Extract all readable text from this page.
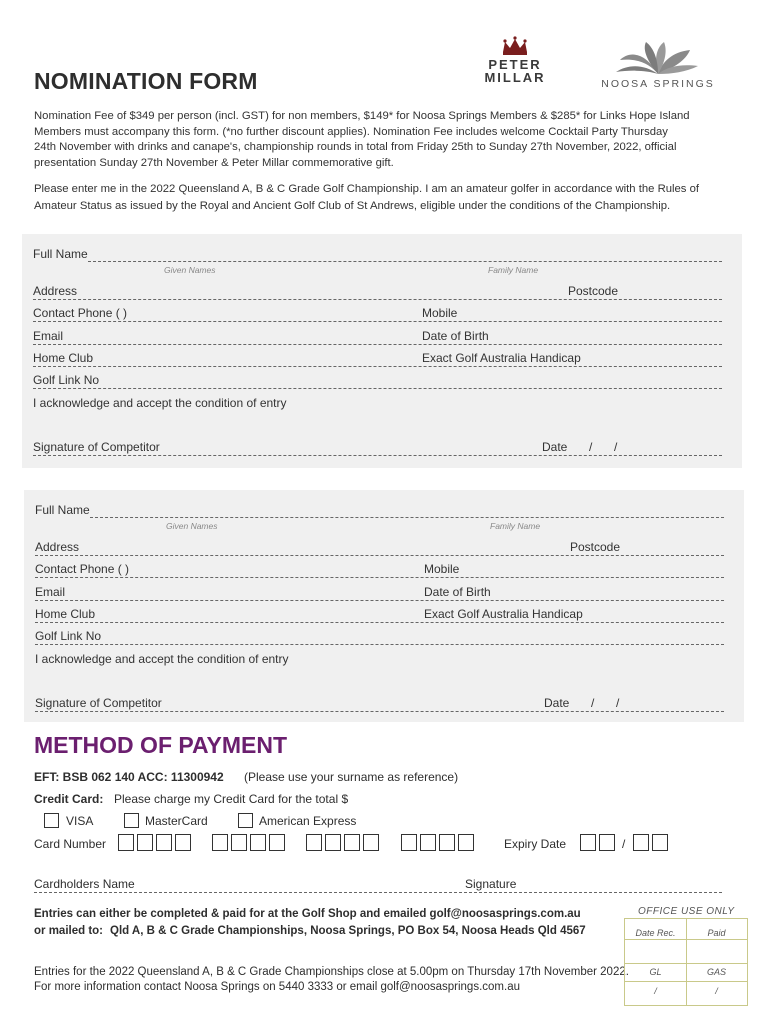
NOMINATION FORM
PETER
MILLAR	NOOSA SPRINGS
Nomination Fee of $349 per person (incl. GST) for non members, $149* for Noosa Springs Members & $285* for Links Hope Island
Members must accompany this form. (*no further discount applies). Nomination Fee includes welcome Cocktail Party Thursday
24th November with drinks and canape's, championship rounds in total from Friday 25th to Sunday 27th November, 2022, official
presentation Sunday 27th November & Peter Millar commemorative gift.
Please enter me in the 2022 Queensland A, B & C Grade Golf Championship. I am an amateur golfer in accordance with the Rules of
Amateur Status as issued by the Royal and Ancient Golf Club of St Andrews, eligible under the conditions of the Championship.
Full Name
Given Names	Family Name
Address	Postcode
Contact Phone ( )	Mobile
Email	Date of Birth
Home Club	Exact Golf Australia Handicap
Golf Link No
I acknowledge and accept the condition of entry
Signature of Competitor	Date / /
Full Name
Given Names	Family Name
Address	Postcode
Contact Phone ( )	Mobile
Email	Date of Birth
Home Club	Exact Golf Australia Handicap
Golf Link No
I acknowledge and accept the condition of entry
Signature of Competitor	Date / /
METHOD OF PAYMENT
EFT: BSB 062 140 ACC: 11300942 (Please use your surname as reference)
Credit Card: Please charge my Credit Card for the total $
VISA	MasterCard	American Express
Card Number	Expiry Date	/
Cardholders Name	Signature
Entries can either be completed & paid for at the Golf Shop and emailed golf@noosasprings.com.au
or mailed to: Qld A, B & C Grade Championships, Noosa Springs, PO Box 54, Noosa Heads Qld 4567
Entries for the 2022 Queensland A, B & C Grade Championships close at 5.00pm on Thursday 17th November 2022.
For more information contact Noosa Springs on 5440 3333 or email golf@noosasprings.com.au
OFFICE USE ONLY
Date Rec.	Paid
GL	GAS
/	/
